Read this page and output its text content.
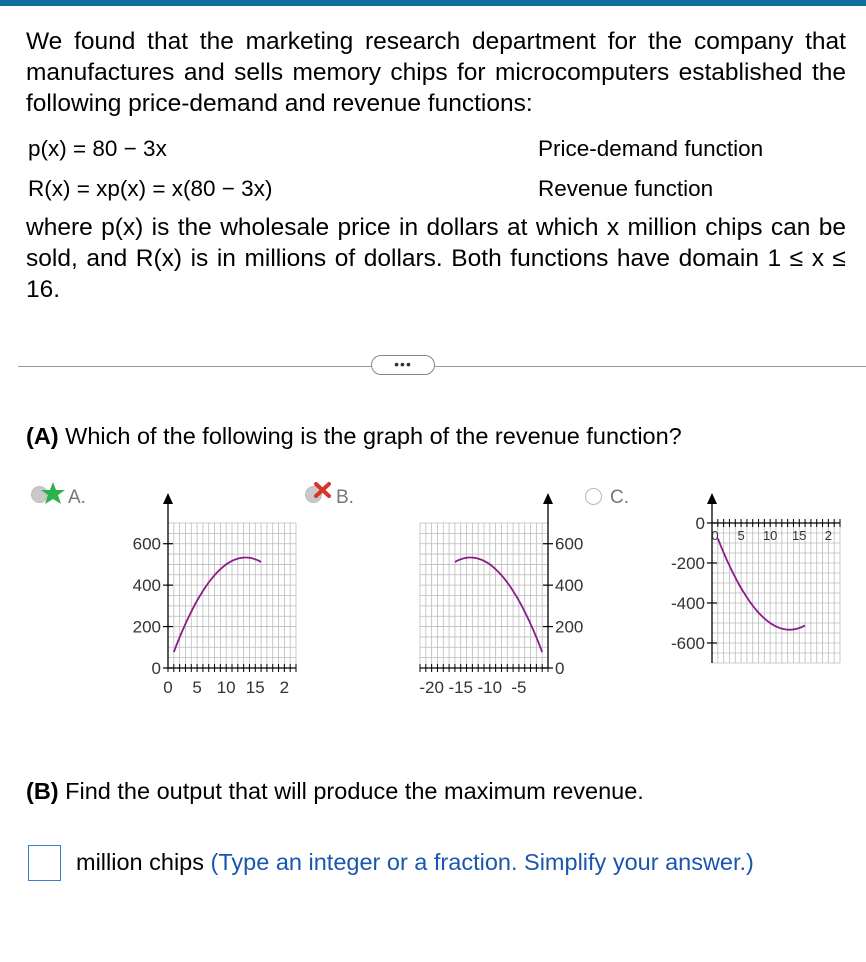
We found that the marketing research department for the company that manufactures and sells memory chips for microcomputers established the following price-demand and revenue functions:
p(x) = 80 − 3x	Price-demand function
R(x) = xp(x) = x(80 − 3x)	Revenue function
where p(x) is the wholesale price in dollars at which x million chips can be sold, and R(x) is in millions of dollars. Both functions have domain 1 ≤ x ≤ 16.
•••
(A) Which of the following is the graph of the revenue function?
A.
0
200
400
600
0 5 10 15 2
B.
0
200
400
600
-20 -15 -10 -5
C.
0
-200
-400
-600
0 5 10 15 2
(B) Find the output that will produce the maximum revenue.
million chips (Type an integer or a fraction. Simplify your answer.)
